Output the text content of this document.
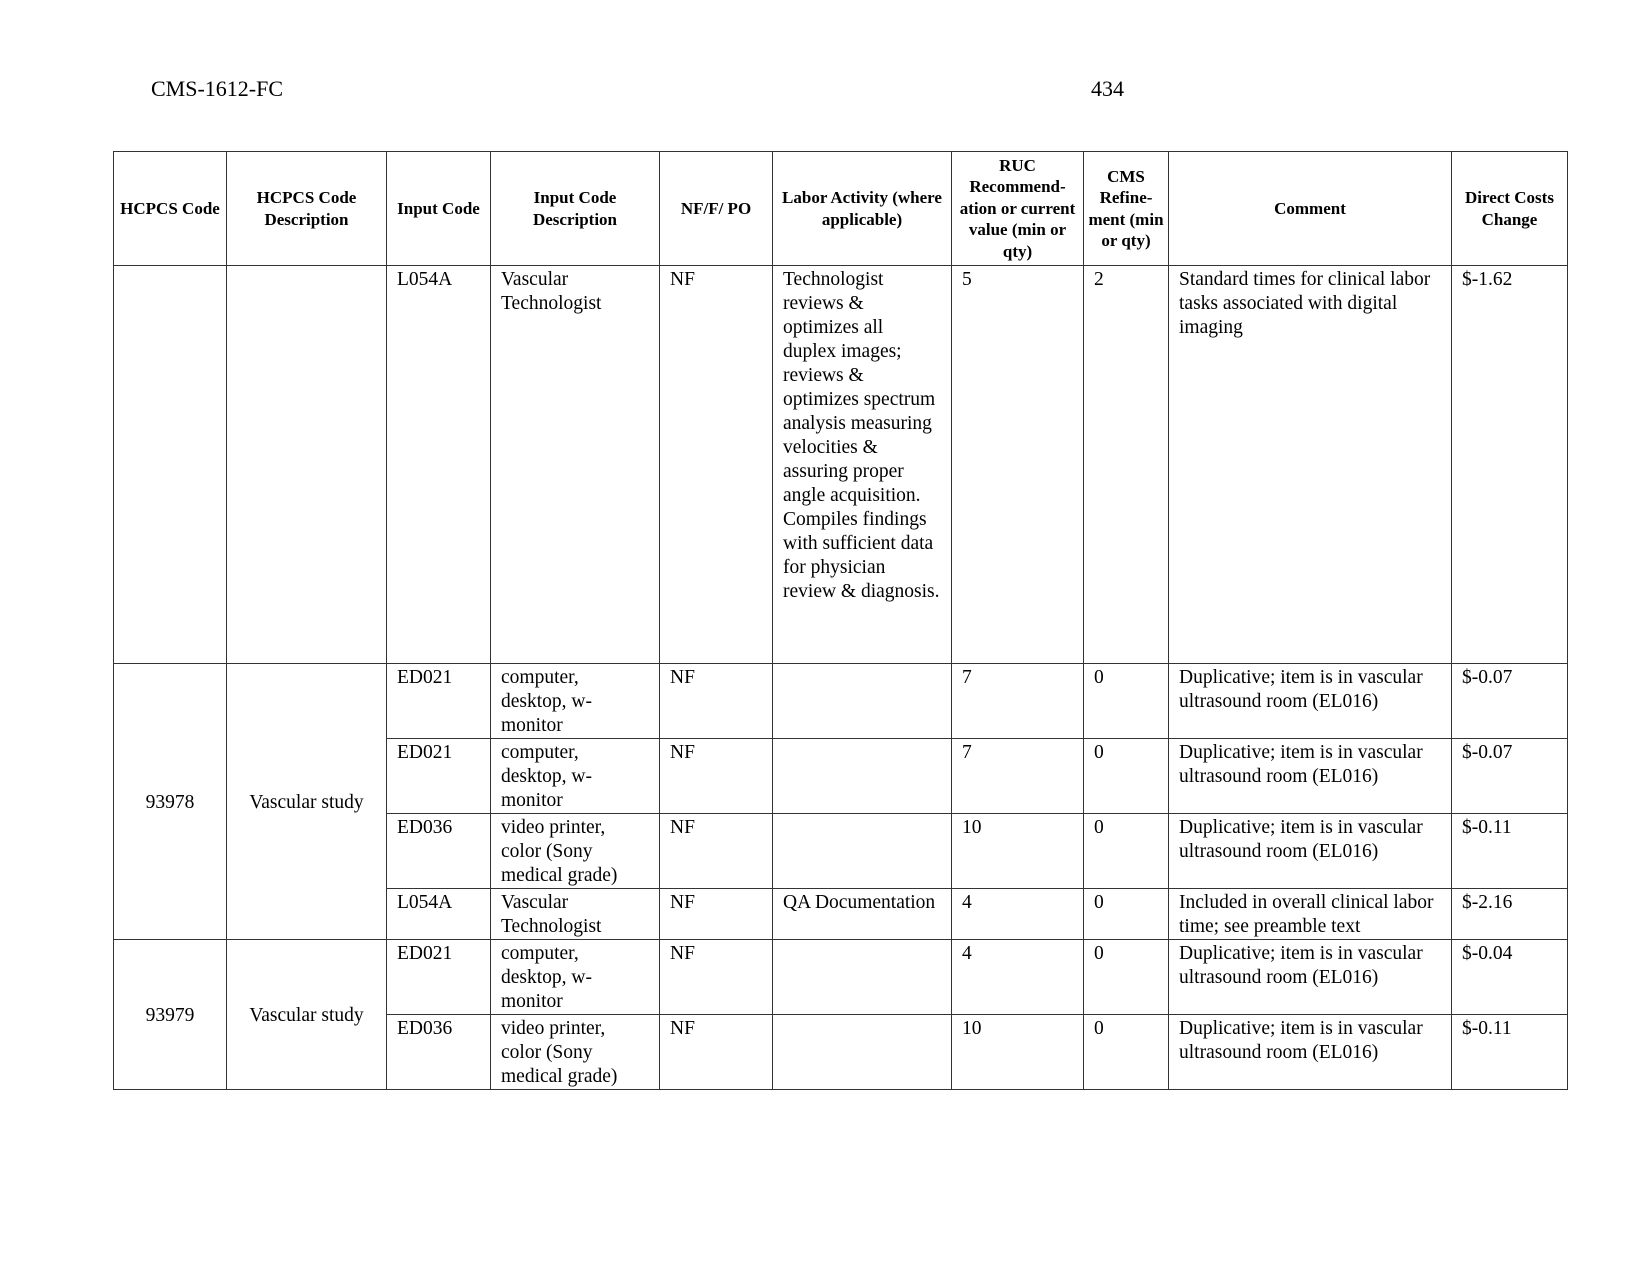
CMS-1612-FC	434
HCPCS Code	HCPCS Code Description	Input Code	Input Code Description	NF/F/ PO	Labor Activity (where applicable)	RUC Recommend-ation or current value (min or qty)	CMS Refine-ment (min or qty)	Comment	Direct Costs Change
		L054A	Vascular Technologist	NF	Technologist reviews & optimizes all duplex images; reviews & optimizes spectrum analysis measuring velocities & assuring proper angle acquisition. Compiles findings with sufficient data for physician review & diagnosis.	5	2	Standard times for clinical labor tasks associated with digital imaging	$-1.62
93978	Vascular study	ED021	computer, desktop, w-monitor	NF		7	0	Duplicative; item is in vascular ultrasound room (EL016)	$-0.07
		ED021	computer, desktop, w-monitor	NF		7	0	Duplicative; item is in vascular ultrasound room (EL016)	$-0.07
		ED036	video printer, color (Sony medical grade)	NF		10	0	Duplicative; item is in vascular ultrasound room (EL016)	$-0.11
		L054A	Vascular Technologist	NF	QA Documentation	4	0	Included in overall clinical labor time; see preamble text	$-2.16
93979	Vascular study	ED021	computer, desktop, w-monitor	NF		4	0	Duplicative; item is in vascular ultrasound room (EL016)	$-0.04
		ED036	video printer, color (Sony medical grade)	NF		10	0	Duplicative; item is in vascular ultrasound room (EL016)	$-0.11
